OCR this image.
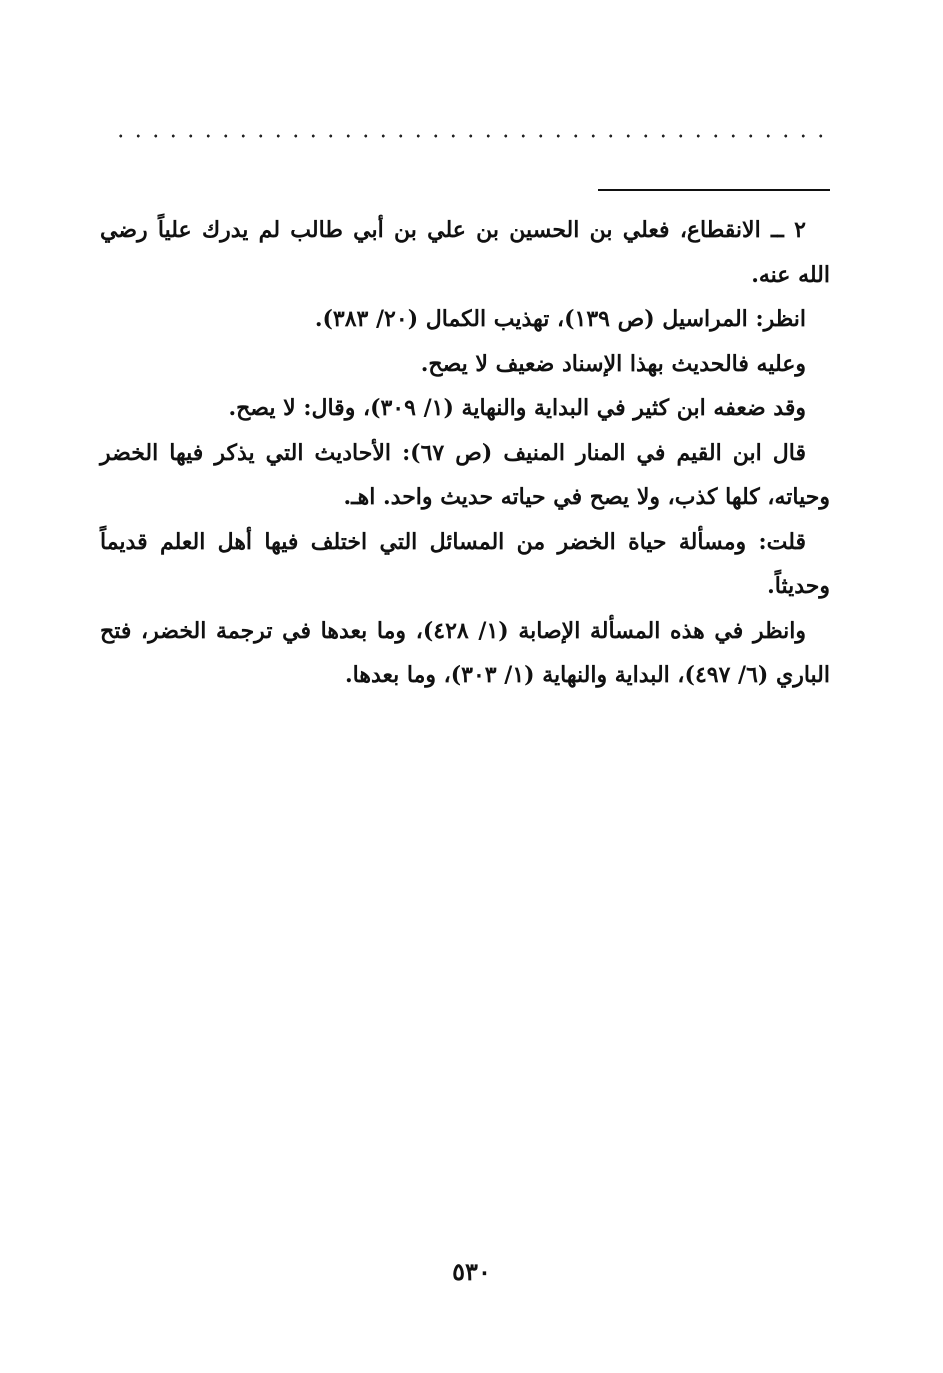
٢ ــ الانقطاع، فعلي بن الحسين بن علي بن أبي طالب لم يدرك علياً رضي الله عنه.

انظر: المراسيل (ص ١٣٩)، تهذيب الكمال (٢٠/ ٣٨٣).

وعليه فالحديث بهذا الإسناد ضعيف لا يصح.

وقد ضعفه ابن كثير في البداية والنهاية (١/ ٣٠٩)، وقال: لا يصح.

قال ابن القيم في المنار المنيف (ص ٦٧): الأحاديث التي يذكر فيها الخضر وحياته، كلها كذب، ولا يصح في حياته حديث واحد. اهـ.

قلت: ومسألة حياة الخضر من المسائل التي اختلف فيها أهل العلم قديماً وحديثاً.

وانظر في هذه المسألة الإصابة (١/ ٤٢٨)، وما بعدها في ترجمة الخضر، فتح الباري (٦/ ٤٩٧)، البداية والنهاية (١/ ٣٠٣)، وما بعدها.

٥٣٠
